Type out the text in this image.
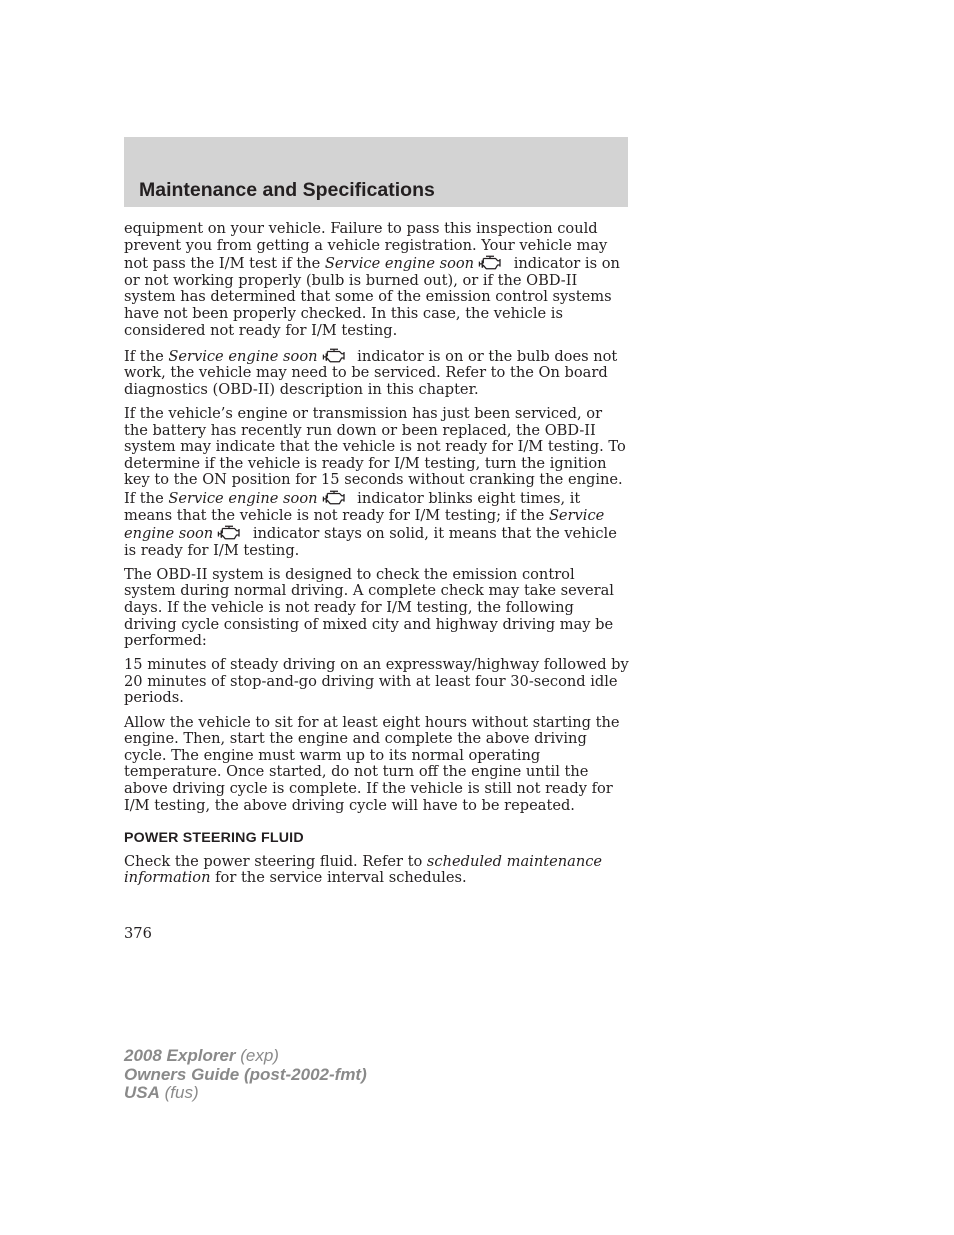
Maintenance and Specifications

equipment on your vehicle. Failure to pass this inspection could prevent you from getting a vehicle registration. Your vehicle may not pass the I/M test if the Service engine soon
indicator is on or not working properly (bulb is burned out), or if the OBD-II system has determined that some of the emission control systems have not been properly checked. In this case, the vehicle is considered not ready for I/M testing.

If the Service engine soon
indicator is on or the bulb does not work, the vehicle may need to be serviced. Refer to the On board diagnostics (OBD-II) description in this chapter.

If the vehicle’s engine or transmission has just been serviced, or the battery has recently run down or been replaced, the OBD-II system may indicate that the vehicle is not ready for I/M testing. To determine if the vehicle is ready for I/M testing, turn the ignition key to the ON position for 15 seconds without cranking the engine. If the Service engine soon
indicator blinks eight times, it means that the vehicle is not ready for I/M testing; if the Service engine soon
indicator stays on solid, it means that the vehicle is ready for I/M testing.

The OBD-II system is designed to check the emission control system during normal driving. A complete check may take several days. If the vehicle is not ready for I/M testing, the following driving cycle consisting of mixed city and highway driving may be performed:

15 minutes of steady driving on an expressway/highway followed by 20 minutes of stop-and-go driving with at least four 30-second idle periods.

Allow the vehicle to sit for at least eight hours without starting the engine. Then, start the engine and complete the above driving cycle. The engine must warm up to its normal operating temperature. Once started, do not turn off the engine until the above driving cycle is complete. If the vehicle is still not ready for I/M testing, the above driving cycle will have to be repeated.

POWER STEERING FLUID

Check the power steering fluid. Refer to scheduled maintenance information for the service interval schedules.

376
2008 Explorer (exp)
Owners Guide (post-2002-fmt)
USA (fus)
